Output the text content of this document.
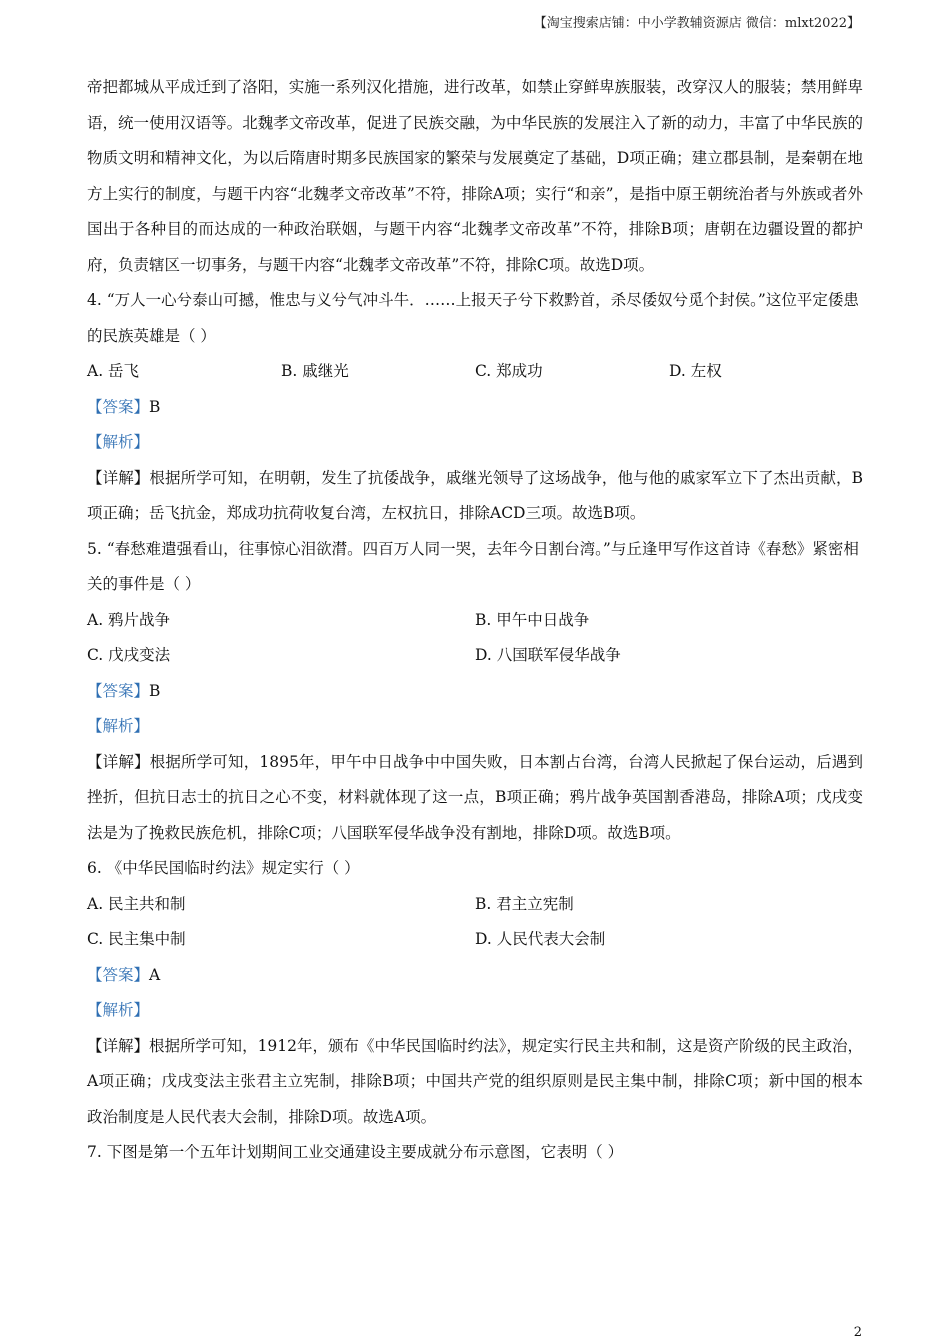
【淘宝搜索店铺：中小学教辅资源店 微信：mlxt2022】

帝把都城从平成迁到了洛阳，实施一系列汉化措施，进行改革，如禁止穿鲜卑族服装，改穿汉人的服装；禁用鲜卑语，统一使用汉语等。北魏孝文帝改革，促进了民族交融，为中华民族的发展注入了新的动力，丰富了中华民族的物质文明和精神文化，为以后隋唐时期多民族国家的繁荣与发展奠定了基础，D项正确；建立郡县制，是秦朝在地方上实行的制度，与题干内容“北魏孝文帝改革”不符，排除A项；实行“和亲”，是指中原王朝统治者与外族或者外国出于各种目的而达成的一种政治联姻，与题干内容“北魏孝文帝改革”不符，排除B项；唐朝在边疆设置的都护府，负责辖区一切事务，与题干内容“北魏孝文帝改革”不符，排除C项。故选D项。

4. “万人一心兮泰山可撼，惟忠与义兮气冲斗牛．……上报天子兮下救黔首，杀尽倭奴兮觅个封侯。”这位平定倭患的民族英雄是（ ）

A. 岳飞	B. 戚继光	C. 郑成功	D. 左权

【答案】B

【解析】

【详解】根据所学可知，在明朝，发生了抗倭战争，戚继光领导了这场战争，他与他的戚家军立下了杰出贡献，B项正确；岳飞抗金，郑成功抗荷收复台湾，左权抗日，排除ACD三项。故选B项。

5. “春愁难遣强看山，往事惊心泪欲潸。四百万人同一哭，去年今日割台湾。”与丘逢甲写作这首诗《春愁》紧密相关的事件是（ ）

A. 鸦片战争	B. 甲午中日战争
C. 戊戌变法	D. 八国联军侵华战争

【答案】B

【解析】

【详解】根据所学可知，1895年，甲午中日战争中中国失败，日本割占台湾，台湾人民掀起了保台运动，后遇到挫折，但抗日志士的抗日之心不变，材料就体现了这一点，B项正确；鸦片战争英国割香港岛，排除A项；戊戌变法是为了挽救民族危机，排除C项；八国联军侵华战争没有割地，排除D项。故选B项。

6. 《中华民国临时约法》规定实行（ ）

A. 民主共和制	B. 君主立宪制
C. 民主集中制	D. 人民代表大会制

【答案】A

【解析】

【详解】根据所学可知，1912年，颁布《中华民国临时约法》，规定实行民主共和制，这是资产阶级的民主政治，A项正确；戊戌变法主张君主立宪制，排除B项；中国共产党的组织原则是民主集中制，排除C项；新中国的根本政治制度是人民代表大会制，排除D项。故选A项。

7. 下图是第一个五年计划期间工业交通建设主要成就分布示意图，它表明（ ）

2
